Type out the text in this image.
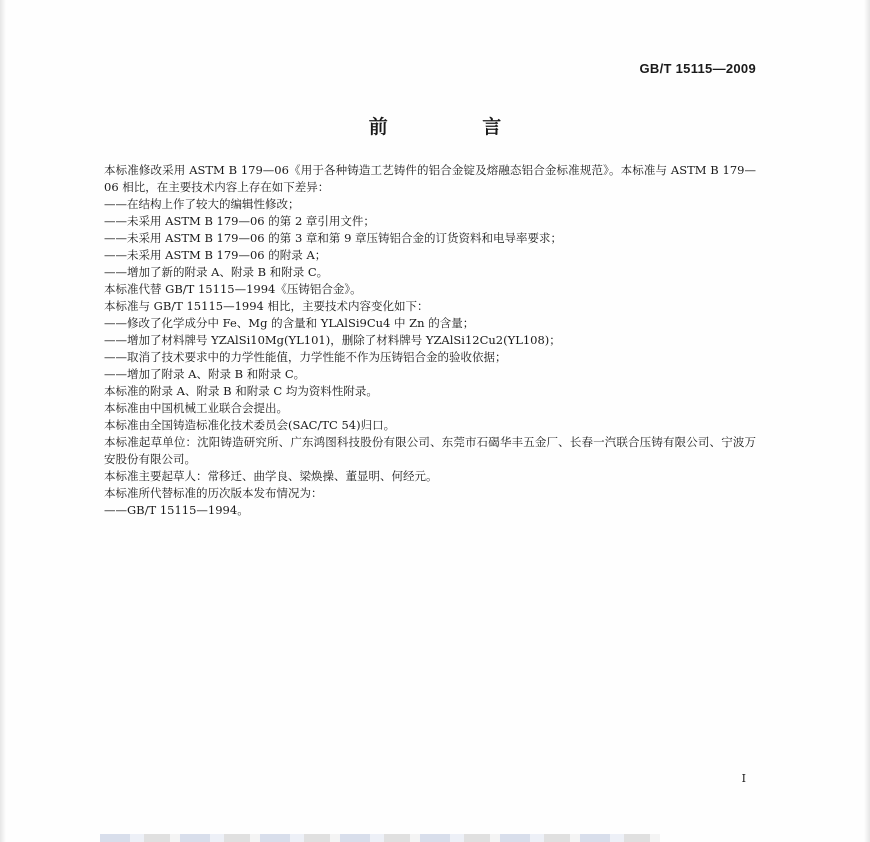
GB/T 15115—2009
前 言

本标准修改采用 ASTM B 179—06《用于各种铸造工艺铸件的铝合金锭及熔融态铝合金标准规范》。本标准与 ASTM B 179—06 相比，在主要技术内容上存在如下差异：

——在结构上作了较大的编辑性修改；

——未采用 ASTM B 179—06 的第 2 章引用文件；

——未采用 ASTM B 179—06 的第 3 章和第 9 章压铸铝合金的订货资料和电导率要求；

——未采用 ASTM B 179—06 的附录 A；

——增加了新的附录 A、附录 B 和附录 C。

本标准代替 GB/T 15115—1994《压铸铝合金》。

本标准与 GB/T 15115—1994 相比，主要技术内容变化如下：

——修改了化学成分中 Fe、Mg 的含量和 YLAlSi9Cu4 中 Zn 的含量；

——增加了材料牌号 YZAlSi10Mg(YL101)，删除了材料牌号 YZAlSi12Cu2(YL108)；

——取消了技术要求中的力学性能值，力学性能不作为压铸铝合金的验收依据；

——增加了附录 A、附录 B 和附录 C。

本标准的附录 A、附录 B 和附录 C 均为资料性附录。

本标准由中国机械工业联合会提出。

本标准由全国铸造标准化技术委员会(SAC/TC 54)归口。

本标准起草单位：沈阳铸造研究所、广东鸿图科技股份有限公司、东莞市石碣华丰五金厂、长春一汽联合压铸有限公司、宁波万安股份有限公司。

本标准主要起草人：常移迁、曲学良、梁焕操、董显明、何经元。

本标准所代替标准的历次版本发布情况为：

——GB/T 15115—1994。

I
